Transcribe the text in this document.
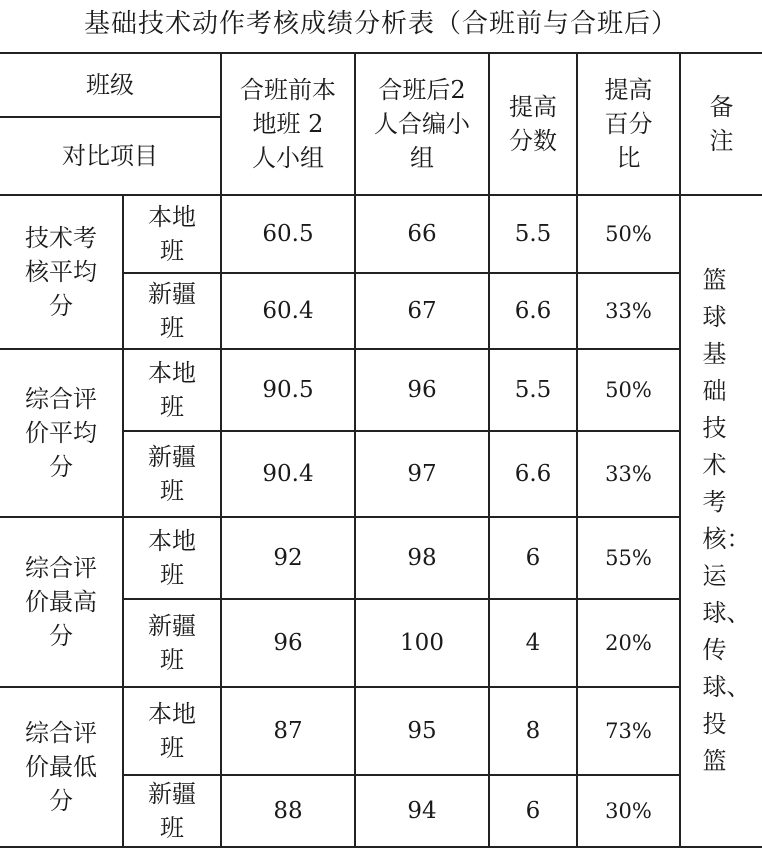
基础技术动作考核成绩分析表（合班前与合班后）
班级
对比项目		合班前本地班 2 人小组	合班后2 人合编小组	提高分数	提高百分比	备注

技术考核平均分	本地班	60.5	66	5.5	50%	篮球基础技术考核：运球、传球、投篮

	新疆班	60.4	67	6.6	33%	

综合评价平均分	本地班	90.5	96	5.5	50%	

	新疆班	90.4	97	6.6	33%	

综合评价最高分	本地班	92	98	6	55%	

	新疆班	96	100	4	20%	

综合评价最低分	本地班	87	95	8	73%	

	新疆班	88	94	6	30%	
